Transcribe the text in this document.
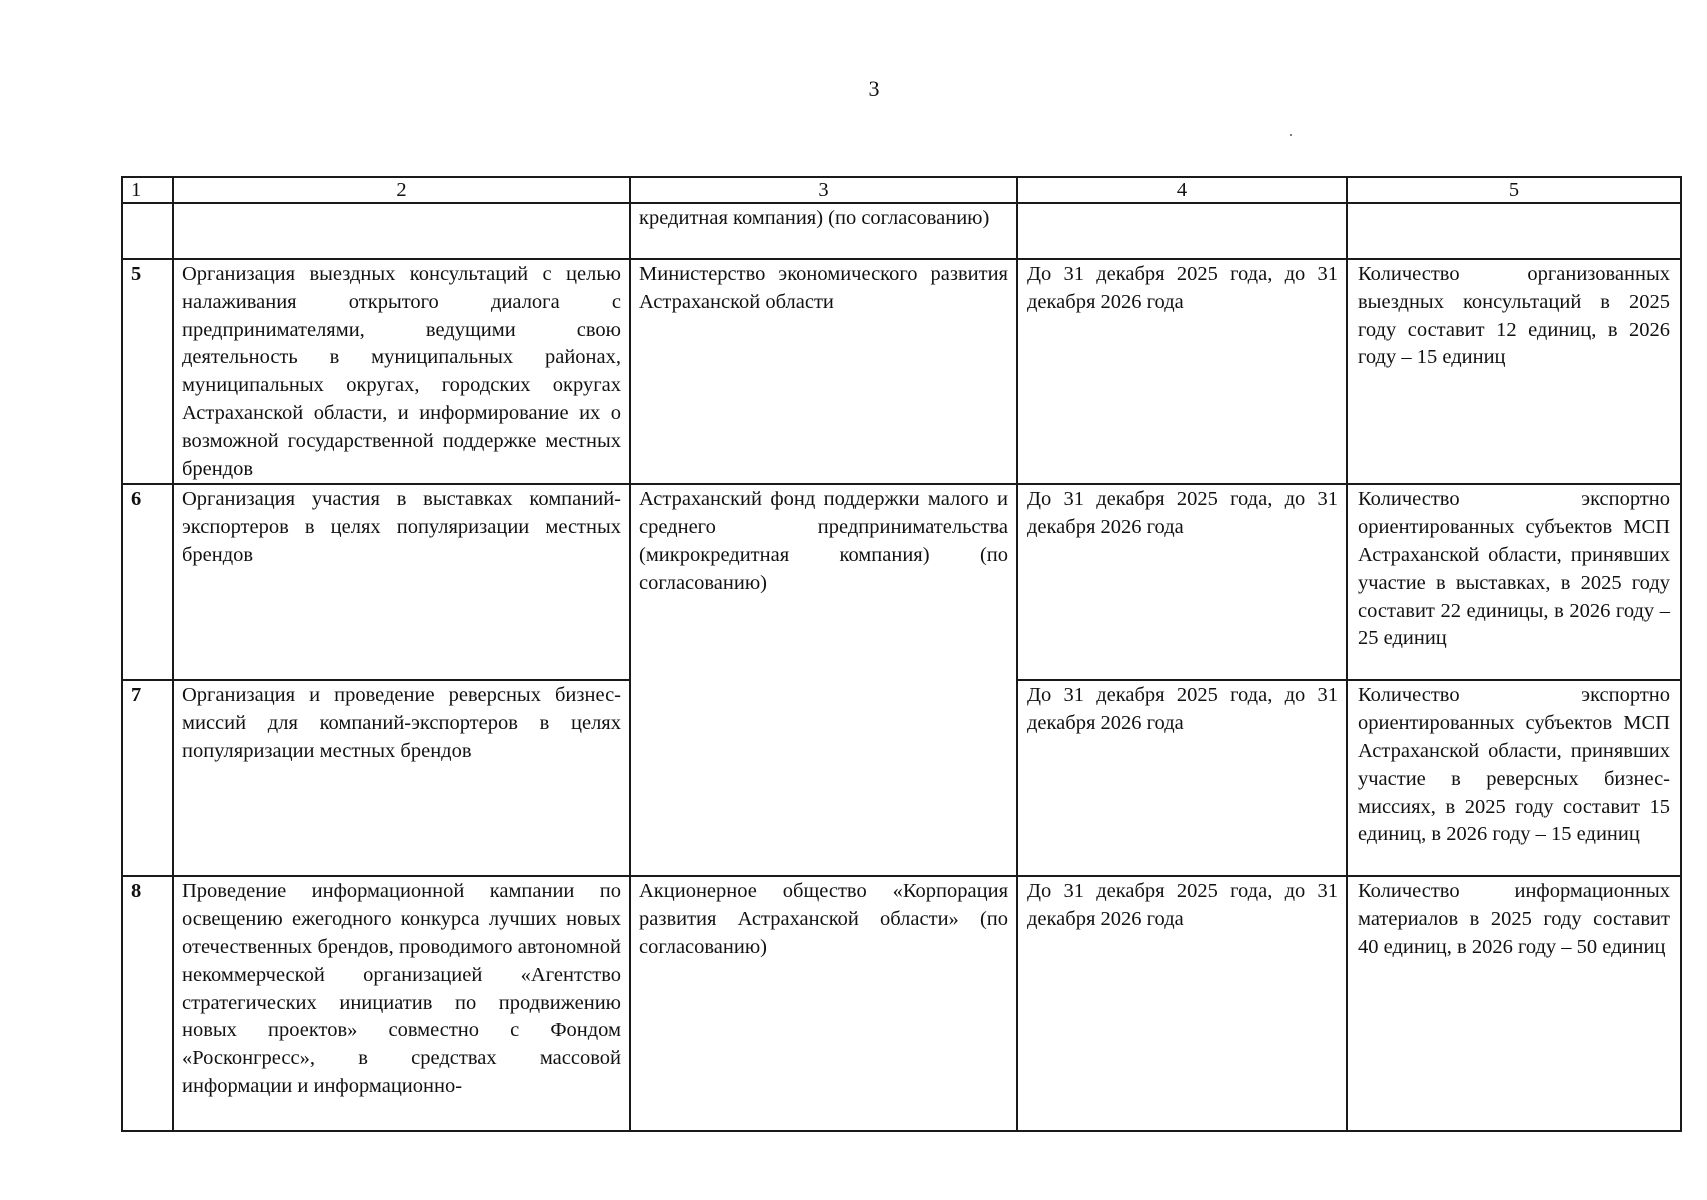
3
1	2	3	4	5
		кредитная компания) (по согласованию)		
5	Организация выездных консультаций с целью налаживания открытого диалога с предпринимателями, ведущими свою деятельность в муниципальных районах, муниципальных округах, городских округах Астраханской области, и информирование их о возможной государственной поддержке местных брендов	Министерство экономического развития Астраханской области	До 31 декабря 2025 года, до 31 декабря 2026 года	Количество организованных выездных консультаций в 2025 году составит 12 единиц, в 2026 году – 15 единиц
6	Организация участия в выставках компаний-экспортеров в целях популяризации местных брендов	Астраханский фонд поддержки малого и среднего предпринимательства (микрокредитная компания) (по согласованию)	До 31 декабря 2025 года, до 31 декабря 2026 года	Количество экспортно ориентированных субъектов МСП Астраханской области, принявших участие в выставках, в 2025 году составит 22 единицы, в 2026 году – 25 единиц
7	Организация и проведение реверсных бизнес-миссий для компаний-экспортеров в целях популяризации местных брендов		До 31 декабря 2025 года, до 31 декабря 2026 года	Количество экспортно ориентированных субъектов МСП Астраханской области, принявших участие в реверсных бизнес-миссиях, в 2025 году составит 15 единиц, в 2026 году – 15 единиц
8	Проведение информационной кампании по освещению ежегодного конкурса лучших новых отечественных брендов, проводимого автономной некоммерческой организацией «Агентство стратегических инициатив по продвижению новых проектов» совместно с Фондом «Росконгресс», в средствах массовой информации и информационно-	Акционерное общество «Корпорация развития Астраханской области» (по согласованию)	До 31 декабря 2025 года, до 31 декабря 2026 года	Количество информационных материалов в 2025 году составит 40 единиц, в 2026 году – 50 единиц
